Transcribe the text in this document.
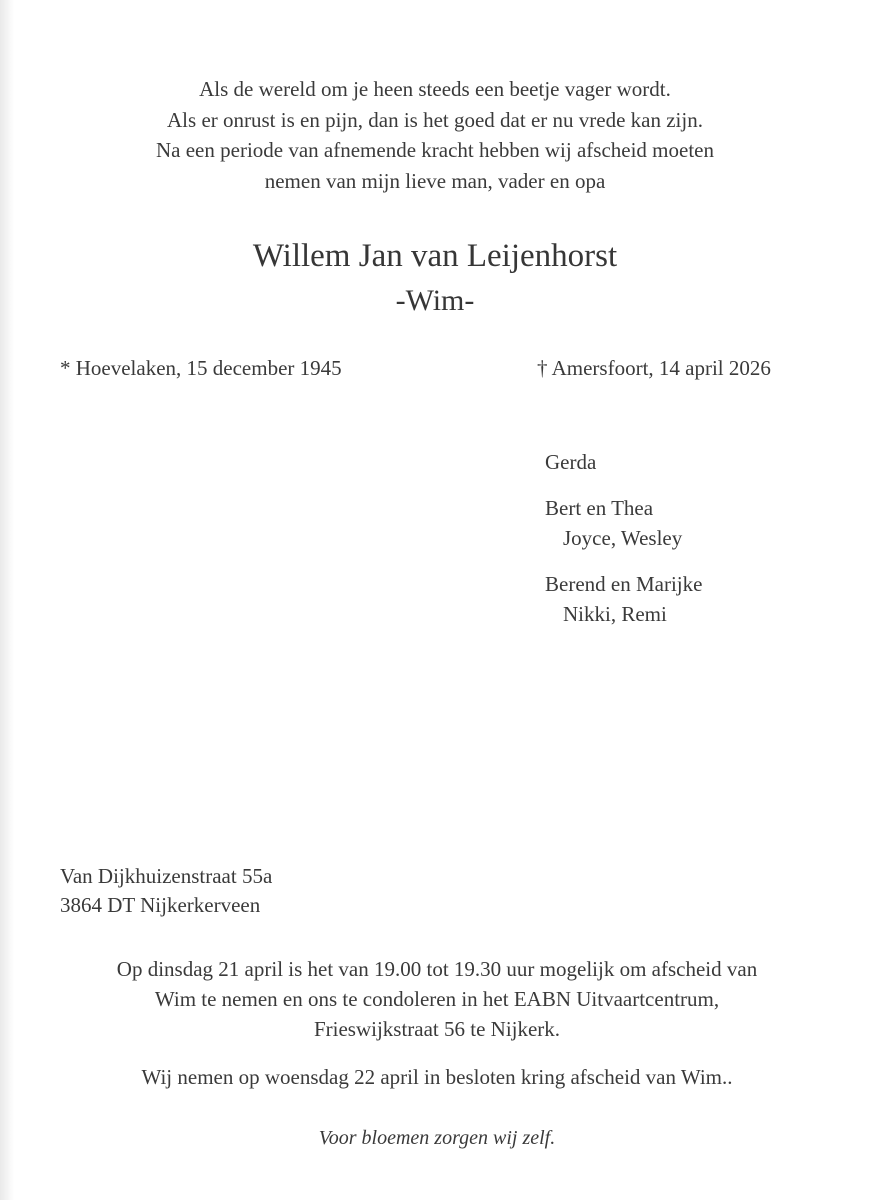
Als de wereld om je heen steeds een beetje vager wordt.
Als er onrust is en pijn, dan is het goed dat er nu vrede kan zijn.
Na een periode van afnemende kracht hebben wij afscheid moeten
nemen van mijn lieve man, vader en opa
Willem Jan van Leijenhorst
-Wim-
* Hoevelaken, 15 december 1945	† Amersfoort, 14 april 2026
Gerda
Bert en Thea
Joyce, Wesley
Berend en Marijke
Nikki, Remi
Van Dijkhuizenstraat 55a
3864 DT Nijkerkerveen
Op dinsdag 21 april is het van 19.00 tot 19.30 uur mogelijk om afscheid van
Wim te nemen en ons te condoleren in het EABN Uitvaartcentrum,
Frieswijkstraat 56 te Nijkerk.
Wij nemen op woensdag 22 april in besloten kring afscheid van Wim..
Voor bloemen zorgen wij zelf.
